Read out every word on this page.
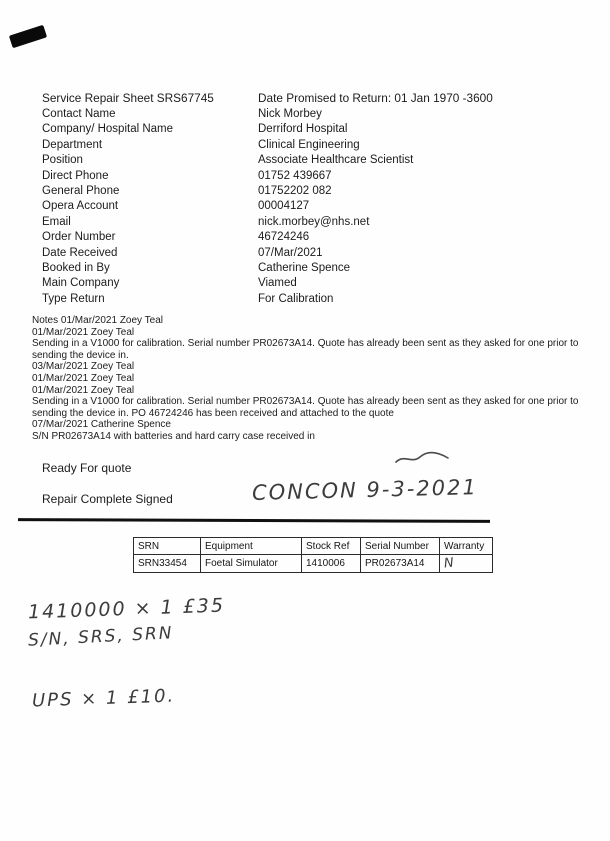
Service Repair Sheet SRS67745	Date Promised to Return: 01 Jan 1970 -3600
Contact Name	Nick Morbey
Company/ Hospital Name	Derriford Hospital
Department	Clinical Engineering
Position	Associate Healthcare Scientist
Direct Phone	01752 439667
General Phone	01752202 082
Opera Account	00004127
Email	nick.morbey@nhs.net
Order Number	46724246
Date Received	07/Mar/2021
Booked in By	Catherine Spence
Main Company	Viamed
Type Return	For Calibration

Notes 01/Mar/2021 Zoey Teal

01/Mar/2021 Zoey Teal

Sending in a V1000 for calibration. Serial number PR02673A14. Quote has already been sent as they asked for one prior to sending the device in.

03/Mar/2021 Zoey Teal

01/Mar/2021 Zoey Teal

01/Mar/2021 Zoey Teal

Sending in a V1000 for calibration. Serial number PR02673A14. Quote has already been sent as they asked for one prior to sending the device in. PO 46724246 has been received and attached to the quote

07/Mar/2021 Catherine Spence

S/N PR02673A14 with batteries and hard carry case received in

Ready For quote
Repair Complete Signed	CONCON 9-3-2021
SRN	Equipment	Stock Ref	Serial Number	Warranty
SRN33454	Foetal Simulator	1410006	PR02673A14	N
1410000 × 1 £35
S/N, SRS, SRN
UPS × 1 £10.
